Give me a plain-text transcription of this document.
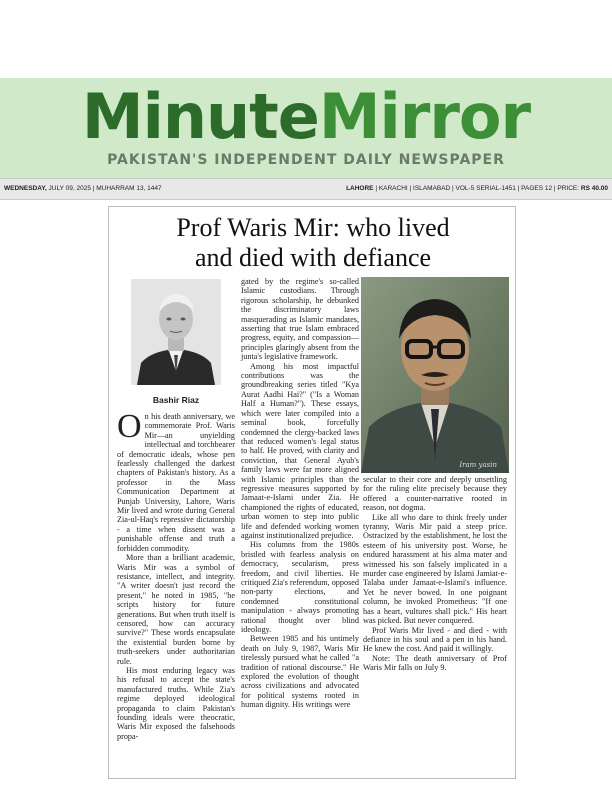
MinuteMirror
PAKISTAN'S INDEPENDENT DAILY NEWSPAPER
WEDNESDAY, JULY 09, 2025 | MUHARRAM 13, 1447	LAHORE | KARACHI | ISLAMABAD | VOL-5 SERIAL-1451 | PAGES 12 | PRICE: RS 40.00
Prof Waris Mir: who lived
and died with defiance
Bashir Riaz

On his death anniversary, we commemorate Prof. Waris Mir—an unyielding intellectual and torchbearer of democratic ideals, whose pen fearlessly challenged the darkest chapters of Pakistan's history. As a professor in the Mass Communication Department at Punjab University, Lahore, Waris Mir lived and wrote during General Zia-ul-Haq's repressive dictatorship - a time when dissent was a punishable offense and truth a forbidden commodity.

More than a brilliant academic, Waris Mir was a symbol of resistance, intellect, and integrity. "A writer doesn't just record the present," he noted in 1985, "he scripts history for future generations. But when truth itself is censored, how can accuracy survive?" These words encapsulate the existential burden borne by truth-seekers under authoritarian rule.

His most enduring legacy was his refusal to accept the state's manufactured truths. While Zia's regime deployed ideological propaganda to claim Pakistan's founding ideals were theocratic, Waris Mir exposed the falsehoods propa-

gated by the regime's so-called Islamic custodians. Through rigorous scholarship, he debunked the discriminatory laws masquerading as Islamic mandates, asserting that true Islam embraced progress, equity, and compassion—principles glaringly absent from the junta's legislative framework.

Among his most impactful contributions was the groundbreaking series titled "Kya Aurat Aadhi Hai?" ("Is a Woman Half a Human?"). These essays, which were later compiled into a seminal book, forcefully condemned the clergy-backed laws that reduced women's legal status to half. He proved, with clarity and conviction, that General Ayub's family laws were far more aligned with Islamic principles than the regressive measures supported by Jamaat-e-Islami under Zia. He championed the rights of educated, urban women to step into public life and defended working women against institutionalized prejudice.

His columns from the 1980s bristled with fearless analysis on democracy, secularism, press freedom, and civil liberties. He critiqued Zia's referendum, opposed non-party elections, and condemned constitutional manipulation - always promoting rational thought over blind ideology.

Between 1985 and his untimely death on July 9, 1987, Waris Mir tirelessly pursued what he called "a tradition of rational discourse." He explored the evolution of thought across civilizations and advocated for political systems rooted in human dignity. His writings were

Iram yasin

secular to their core and deeply unsettling for the ruling elite precisely because they offered a counter-narrative rooted in reason, not dogma.

Like all who dare to think freely under tyranny, Waris Mir paid a steep price. Ostracized by the establishment, he lost the esteem of his university post. Worse, he endured harassment at his alma mater and witnessed his son falsely implicated in a murder case engineered by Islami Jamiat-e-Talaba under Jamaat-e-Islami's influence. Yet he never bowed. In one poignant column, he invoked Prometheus: "If one has a heart, vultures shall pick." His heart was picked. But never conquered.

Prof Waris Mir lived - and died - with defiance in his soul and a pen in his hand. He knew the cost. And paid it willingly.

Note: The death anniversary of Prof Waris Mir falls on July 9.
